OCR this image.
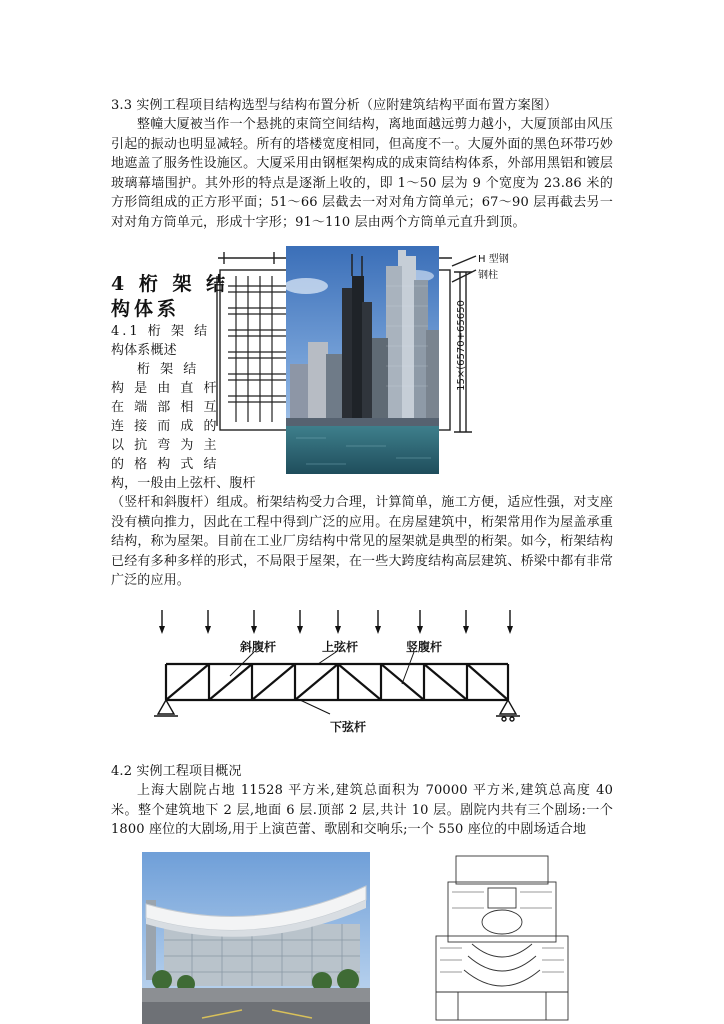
3.3 实例工程项目结构选型与结构布置分析（应附建筑结构平面布置方案图）
整幢大厦被当作一个悬挑的束筒空间结构，离地面越远剪力越小，大厦顶部由风压引起的振动也明显减轻。所有的塔楼宽度相同，但高度不一。大厦外面的黑色环带巧妙地遮盖了服务性设施区。大厦采用由钢框架构成的成束筒结构体系，外部用黑铝和镀层玻璃幕墙围护。其外形的特点是逐渐上收的，即 1～50 层为 9 个宽度为 23.86 米的方形筒组成的正方形平面；51～66 层截去一对对角方筒单元；67～90 层再截去另一对对角方筒单元，形成十字形；91～110 层由两个方筒单元直升到顶。
H 型钢
钢柱
15×(6570+65650
4 桁 架 结
构体系
4.1 桁 架 结
构体系概述
桁 架 结
构 是 由 直 杆
在 端 部 相 互
连 接 而 成 的
以 抗 弯 为 主
的 格 构 式 结
构，一般由上弦杆、腹杆
（竖杆和斜腹杆）组成。桁架结构受力合理，计算简单，施工方便，适应性强，对支座没有横向推力，因此在工程中得到广泛的应用。在房屋建筑中，桁架常用作为屋盖承重结构，称为屋架。目前在工业厂房结构中常见的屋架就是典型的桁架。如今，桁架结构已经有多种多样的形式，不局限于屋架，在一些大跨度结构高层建筑、桥梁中都有非常广泛的应用。
斜腹杆	上弦杆	竖腹杆
下弦杆
4.2 实例工程项目概况
上海大剧院占地 11528 平方米,建筑总面积为 70000 平方米,建筑总高度 40 米。整个建筑地下 2 层,地面 6 层.顶部 2 层,共计 10 层。剧院内共有三个剧场:一个 1800 座位的大剧场,用于上演芭蕾、歌剧和交响乐;一个 550 座位的中剧场适合地
